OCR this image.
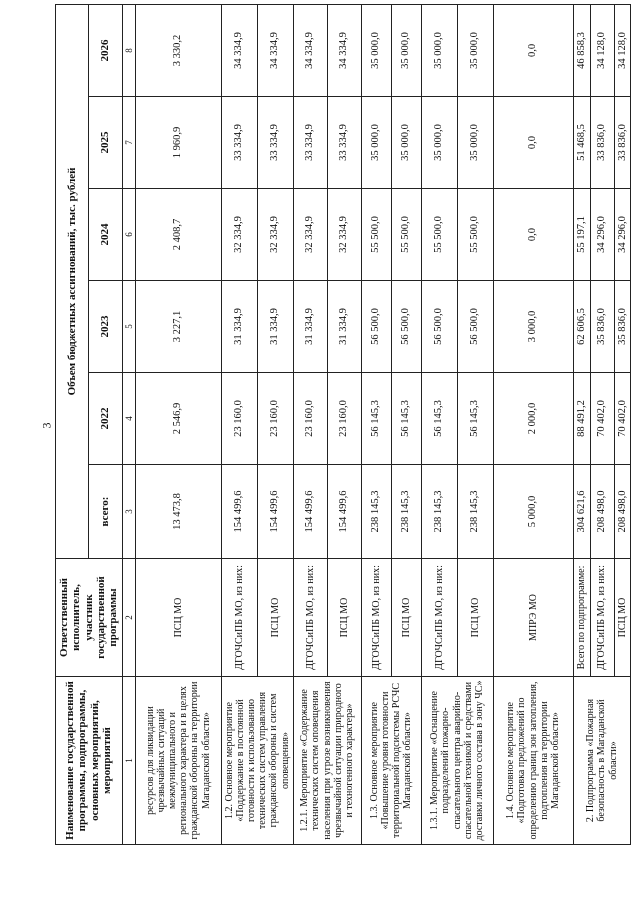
3
Наименование государственной программы, подпрограммы, основных мероприятий, мероприятий	Ответственный исполнитель, участник государственной программы	Объем бюджетных ассигнований, тыс. рублей					
		всего:	2022	2023	2024	2025	2026
1	2	3	4	5	6	7	8
ресурсов для ликвидации чрезвычайных ситуаций межмуниципального и регионального характера и в целях гражданской обороны на территории Магаданской области»	ПСЦ МО	13 473,8	2 546,9	3 227,1	2 408,7	1 960,9	3 330,2
1.2. Основное мероприятие «Поддержание в постоянной готовности к использованию технических систем управления гражданской обороны и систем оповещения»	ДГОЧСиПБ МО, из них:	154 499,6	23 160,0	31 334,9	32 334,9	33 334,9	34 334,9
	ПСЦ МО	154 499,6	23 160,0	31 334,9	32 334,9	33 334,9	34 334,9
1.2.1. Мероприятие «Содержание технических систем оповещения населения при угрозе возникновения чрезвычайной ситуации природного и техногенного характера»	ДГОЧСиПБ МО, из них:	154 499,6	23 160,0	31 334,9	32 334,9	33 334,9	34 334,9
	ПСЦ МО	154 499,6	23 160,0	31 334,9	32 334,9	33 334,9	34 334,9
1.3. Основное мероприятие «Повышение уровня готовности территориальной подсистемы РСЧС Магаданской области»	ДГОЧСиПБ МО, из них:	238 145,3	56 145,3	56 500,0	55 500,0	35 000,0	35 000,0
	ПСЦ МО	238 145,3	56 145,3	56 500,0	55 500,0	35 000,0	35 000,0
1.3.1. Мероприятие «Оснащение подразделений пожарно-спасательного центра аварийно-спасательной техникой и средствами доставки личного состава в зону ЧС»	ДГОЧСиПБ МО, из них:	238 145,3	56 145,3	56 500,0	55 500,0	35 000,0	35 000,0
	ПСЦ МО	238 145,3	56 145,3	56 500,0	55 500,0	35 000,0	35 000,0
1.4. Основное мероприятие «Подготовка предложений по определению границ зон затопления, подтопления на территории Магаданской области»	МПРЭ МО	5 000,0	2 000,0	3 000,0	0,0	0,0	0,0
2. Подпрограмма «Пожарная безопасность в Магаданской области»	Всего по подпрограмме:	304 621,6	88 491,2	62 606,5	55 197,1	51 468,5	46 858,3
	ДГОЧСиПБ МО, из них:	208 498,0	70 402,0	35 836,0	34 296,0	33 836,0	34 128,0
	ПСЦ МО	208 498,0	70 402,0	35 836,0	34 296,0	33 836,0	34 128,0
